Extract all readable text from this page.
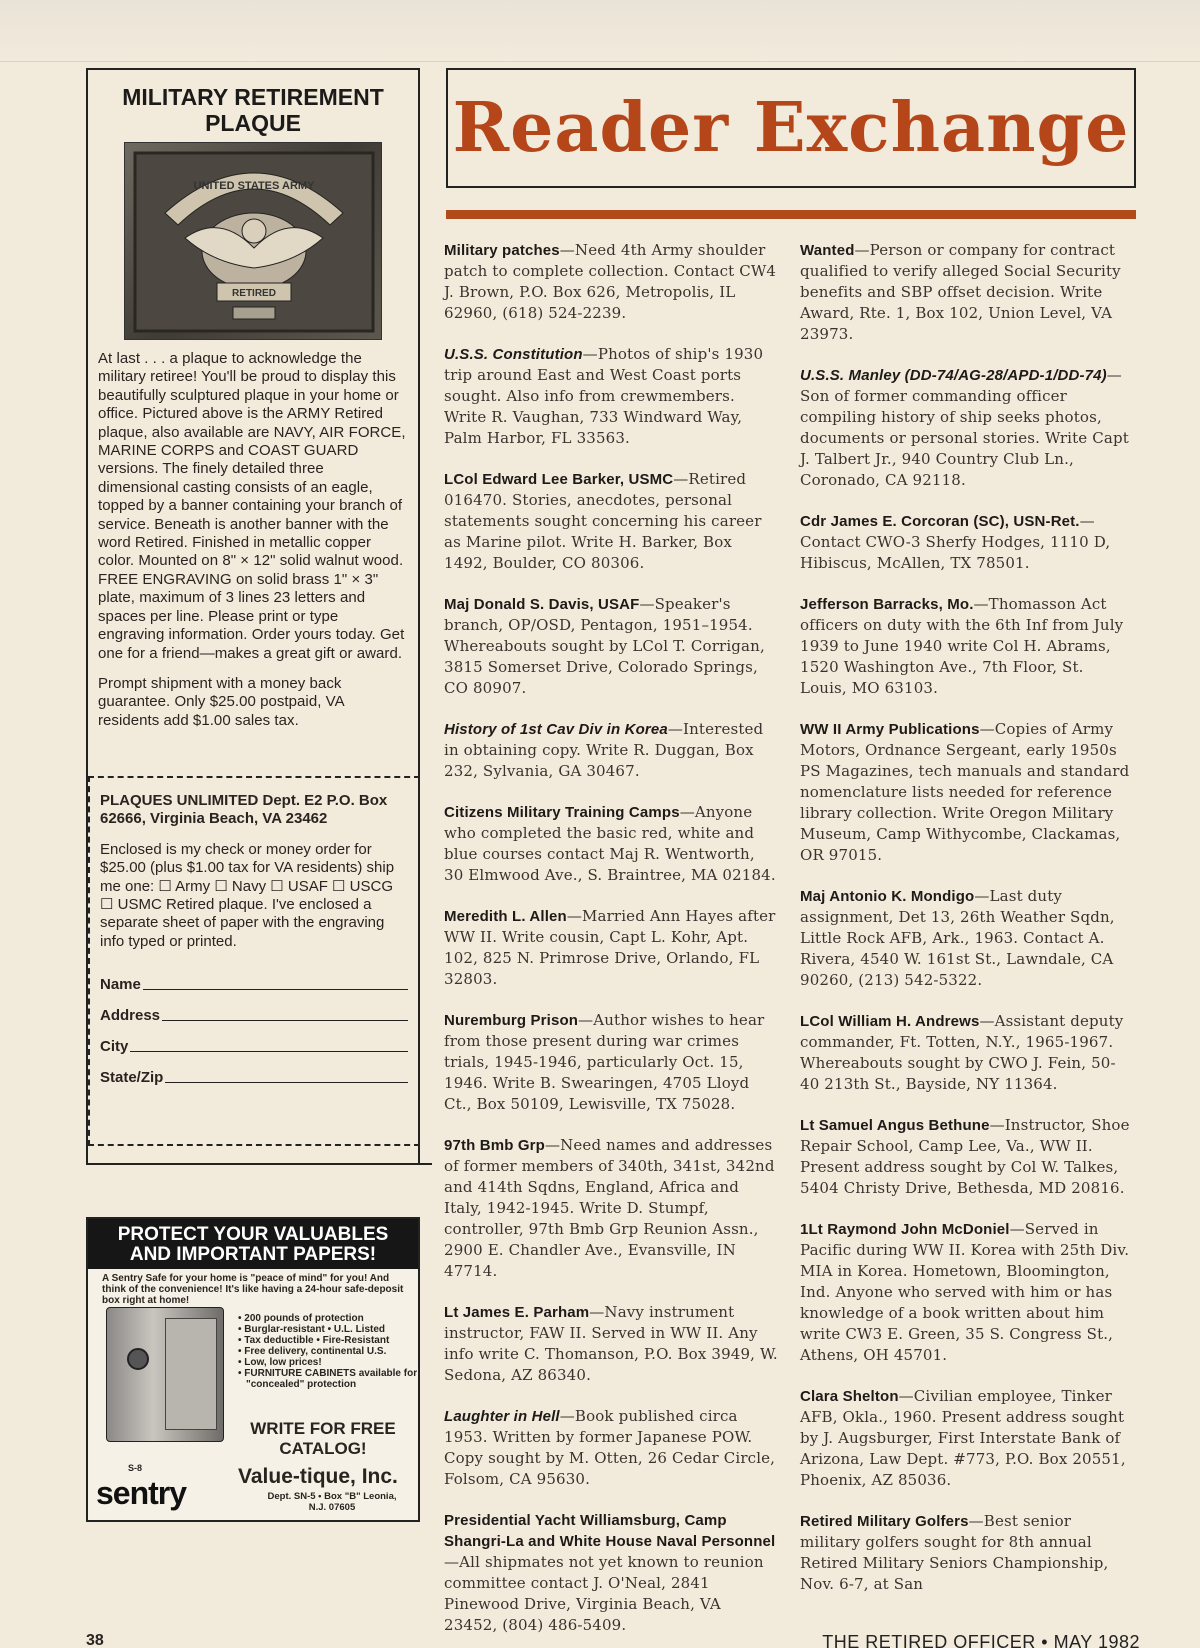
MILITARY RETIREMENT
PLAQUE
UNITED STATES ARMY
RETIRED

At last . . . a plaque to acknowledge the military retiree! You'll be proud to display this beautifully sculptured plaque in your home or office. Pictured above is the ARMY Retired plaque, also available are NAVY, AIR FORCE, MARINE CORPS and COAST GUARD versions. The finely detailed three dimensional casting consists of an eagle, topped by a banner containing your branch of service. Beneath is another banner with the word Retired. Finished in metallic copper color. Mounted on 8" × 12" solid walnut wood. FREE ENGRAVING on solid brass 1" × 3" plate, maximum of 3 lines 23 letters and spaces per line. Please print or type engraving information. Order yours today. Get one for a friend—makes a great gift or award.

Prompt shipment with a money back guarantee. Only $25.00 postpaid, VA residents add $1.00 sales tax.

PLAQUES UNLIMITED Dept. E2 P.O. Box 62666, Virginia Beach, VA 23462
Enclosed is my check or money order for $25.00 (plus $1.00 tax for VA residents) ship me one: ☐ Army ☐ Navy ☐ USAF ☐ USCG ☐ USMC Retired plaque. I've enclosed a separate sheet of paper with the engraving info typed or printed.
Name
Address
City
State/Zip
PROTECT YOUR VALUABLES
AND IMPORTANT PAPERS!
A Sentry Safe for your home is "peace of mind" for you! And think of the convenience! It's like having a 24-hour safe-deposit box right at home!
• 200 pounds of protection
• Burglar-resistant • U.L. Listed
• Tax deductible • Fire-Resistant
• Free delivery, continental U.S.
• Low, low prices!
• FURNITURE CABINETS available for "concealed" protection
WRITE FOR FREE CATALOG!
S-8
sentry Value-tique, Inc.
Dept. SN-5 • Box "B" Leonia, N.J. 07605
Reader Exchange

Military patches—Need 4th Army shoulder patch to complete collection. Contact CW4 J. Brown, P.O. Box 626, Metropolis, IL 62960, (618) 524-2239.

U.S.S. Constitution—Photos of ship's 1930 trip around East and West Coast ports sought. Also info from crewmembers. Write R. Vaughan, 733 Windward Way, Palm Harbor, FL 33563.

LCol Edward Lee Barker, USMC—Retired 016470. Stories, anecdotes, personal statements sought concerning his career as Marine pilot. Write H. Barker, Box 1492, Boulder, CO 80306.

Maj Donald S. Davis, USAF—Speaker's branch, OP/OSD, Pentagon, 1951–1954. Whereabouts sought by LCol T. Corrigan, 3815 Somerset Drive, Colorado Springs, CO 80907.

History of 1st Cav Div in Korea—Interested in obtaining copy. Write R. Duggan, Box 232, Sylvania, GA 30467.

Citizens Military Training Camps—Anyone who completed the basic red, white and blue courses contact Maj R. Wentworth, 30 Elmwood Ave., S. Braintree, MA 02184.

Meredith L. Allen—Married Ann Hayes after WW II. Write cousin, Capt L. Kohr, Apt. 102, 825 N. Primrose Drive, Orlando, FL 32803.

Nuremburg Prison—Author wishes to hear from those present during war crimes trials, 1945-1946, particularly Oct. 15, 1946. Write B. Swearingen, 4705 Lloyd Ct., Box 50109, Lewisville, TX 75028.

97th Bmb Grp—Need names and addresses of former members of 340th, 341st, 342nd and 414th Sqdns, England, Africa and Italy, 1942-1945. Write D. Stumpf, controller, 97th Bmb Grp Reunion Assn., 2900 E. Chandler Ave., Evansville, IN 47714.

Lt James E. Parham—Navy instrument instructor, FAW II. Served in WW II. Any info write C. Thomanson, P.O. Box 3949, W. Sedona, AZ 86340.

Laughter in Hell—Book published circa 1953. Written by former Japanese POW. Copy sought by M. Otten, 26 Cedar Circle, Folsom, CA 95630.

Presidential Yacht Williamsburg, Camp Shangri-La and White House Naval Personnel—All shipmates not yet known to reunion committee contact J. O'Neal, 2841 Pinewood Drive, Virginia Beach, VA 23452, (804) 486-5409.

Wanted—Person or company for contract qualified to verify alleged Social Security benefits and SBP offset decision. Write Award, Rte. 1, Box 102, Union Level, VA 23973.

U.S.S. Manley (DD-74/AG-28/APD-1/DD-74)—Son of former commanding officer compiling history of ship seeks photos, documents or personal stories. Write Capt J. Talbert Jr., 940 Country Club Ln., Coronado, CA 92118.

Cdr James E. Corcoran (SC), USN-Ret.—Contact CWO-3 Sherfy Hodges, 1110 D, Hibiscus, McAllen, TX 78501.

Jefferson Barracks, Mo.—Thomasson Act officers on duty with the 6th Inf from July 1939 to June 1940 write Col H. Abrams, 1520 Washington Ave., 7th Floor, St. Louis, MO 63103.

WW II Army Publications—Copies of Army Motors, Ordnance Sergeant, early 1950s PS Magazines, tech manuals and standard nomenclature lists needed for reference library collection. Write Oregon Military Museum, Camp Withycombe, Clackamas, OR 97015.

Maj Antonio K. Mondigo—Last duty assignment, Det 13, 26th Weather Sqdn, Little Rock AFB, Ark., 1963. Contact A. Rivera, 4540 W. 161st St., Lawndale, CA 90260, (213) 542-5322.

LCol William H. Andrews—Assistant deputy commander, Ft. Totten, N.Y., 1965-1967. Whereabouts sought by CWO J. Fein, 50-40 213th St., Bayside, NY 11364.

Lt Samuel Angus Bethune—Instructor, Shoe Repair School, Camp Lee, Va., WW II. Present address sought by Col W. Talkes, 5404 Christy Drive, Bethesda, MD 20816.

1Lt Raymond John McDoniel—Served in Pacific during WW II. Korea with 25th Div. MIA in Korea. Hometown, Bloomington, Ind. Anyone who served with him or has knowledge of a book written about him write CW3 E. Green, 35 S. Congress St., Athens, OH 45701.

Clara Shelton—Civilian employee, Tinker AFB, Okla., 1960. Present address sought by J. Augsburger, First Interstate Bank of Arizona, Law Dept. #773, P.O. Box 20551, Phoenix, AZ 85036.

Retired Military Golfers—Best senior military golfers sought for 8th annual Retired Military Seniors Championship, Nov. 6-7, at San

38	THE RETIRED OFFICER • MAY 1982
